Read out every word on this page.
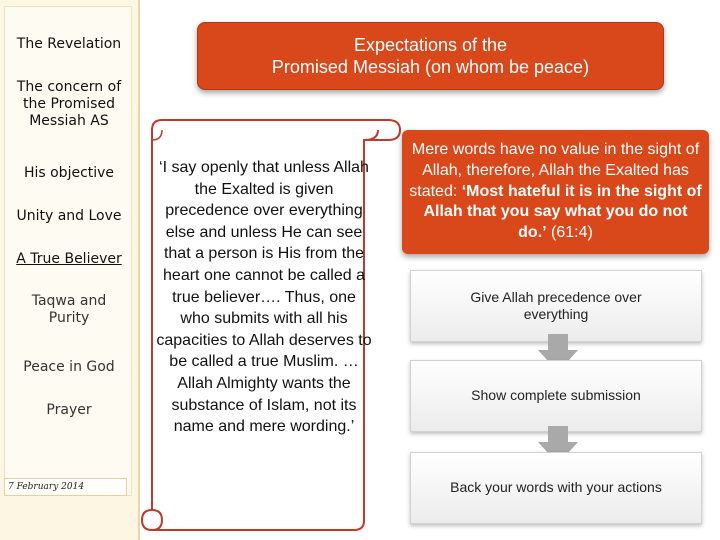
The Revelation
The concern of the Promised Messiah AS
His objective
Unity and Love
A True Believer
Taqwa and Purity
Peace in God
Prayer
7 February 2014
Expectations of the
Promised Messiah (on whom be peace)
‘I say openly that unless Allah the Exalted is given precedence over everything else and unless He can see that a person is His from the heart one cannot be called a true believer…. Thus, one who submits with all his capacities to Allah deserves to be called a true Muslim. … Allah Almighty wants the substance of Islam, not its name and mere wording.’
Mere words have no value in the sight of Allah, therefore, Allah the Exalted has stated: ‘Most hateful it is in the sight of Allah that you say what you do not do.’ (61:4)
Give Allah precedence over everything
Show complete submission
Back your words with your actions
